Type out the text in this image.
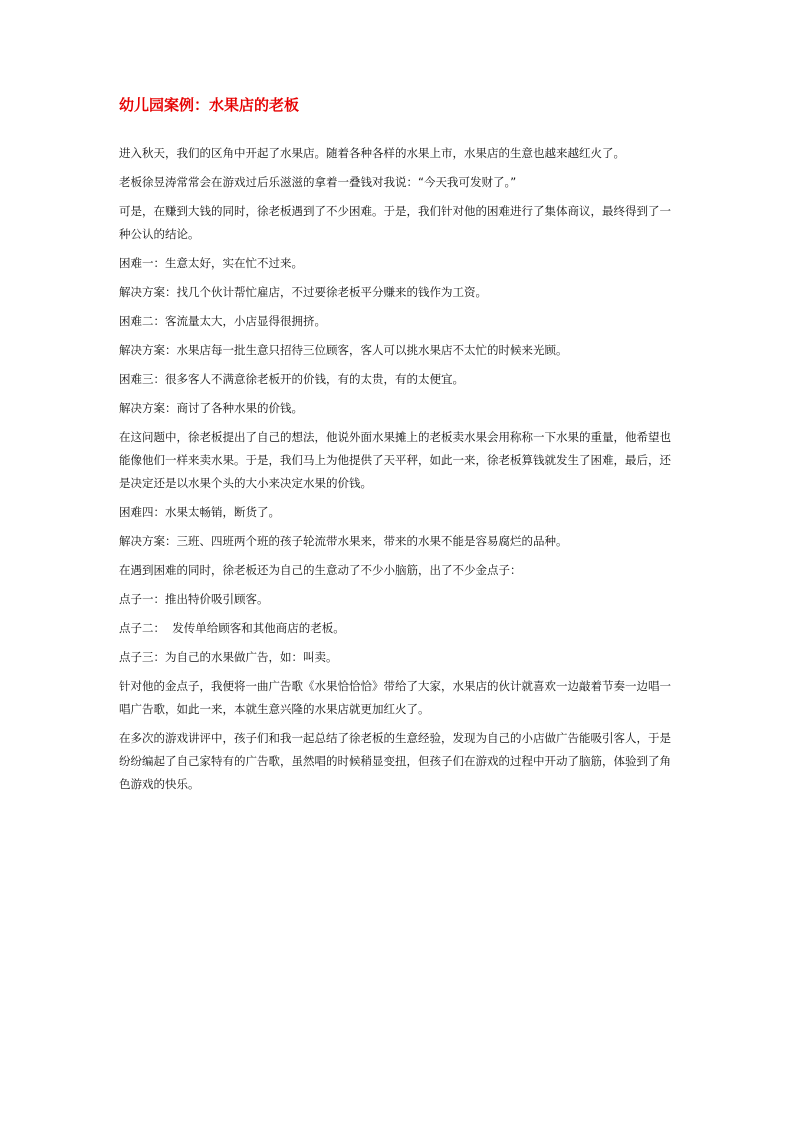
幼儿园案例：水果店的老板

进入秋天，我们的区角中开起了水果店。随着各种各样的水果上市，水果店的生意也越来越红火了。

老板徐昱涛常常会在游戏过后乐滋滋的拿着一叠钱对我说：“今天我可发财了。”

可是，在赚到大钱的同时，徐老板遇到了不少困难。于是，我们针对他的困难进行了集体商议，最终得到了一种公认的结论。

困难一：生意太好，实在忙不过来。

解决方案：找几个伙计帮忙雇店，不过要徐老板平分赚来的钱作为工资。

困难二：客流量太大，小店显得很拥挤。

解决方案：水果店每一批生意只招待三位顾客，客人可以挑水果店不太忙的时候来光顾。

困难三：很多客人不满意徐老板开的价钱，有的太贵，有的太便宜。

解决方案：商讨了各种水果的价钱。

在这问题中，徐老板提出了自己的想法，他说外面水果摊上的老板卖水果会用称称一下水果的重量，他希望也能像他们一样来卖水果。于是，我们马上为他提供了天平秤，如此一来，徐老板算钱就发生了困难，最后，还是决定还是以水果个头的大小来决定水果的价钱。

困难四：水果太畅销，断货了。

解决方案：三班、四班两个班的孩子轮流带水果来，带来的水果不能是容易腐烂的品种。

在遇到困难的同时，徐老板还为自己的生意动了不少小脑筋，出了不少金点子：

点子一：推出特价吸引顾客。

点子二：  发传单给顾客和其他商店的老板。

点子三：为自己的水果做广告，如：叫卖。

针对他的金点子，我便将一曲广告歌《水果恰恰恰》带给了大家，水果店的伙计就喜欢一边敲着节奏一边唱一唱广告歌，如此一来，本就生意兴隆的水果店就更加红火了。

在多次的游戏讲评中，孩子们和我一起总结了徐老板的生意经验，发现为自己的小店做广告能吸引客人，于是纷纷编起了自己家特有的广告歌，虽然唱的时候稍显变扭，但孩子们在游戏的过程中开动了脑筋，体验到了角色游戏的快乐。
